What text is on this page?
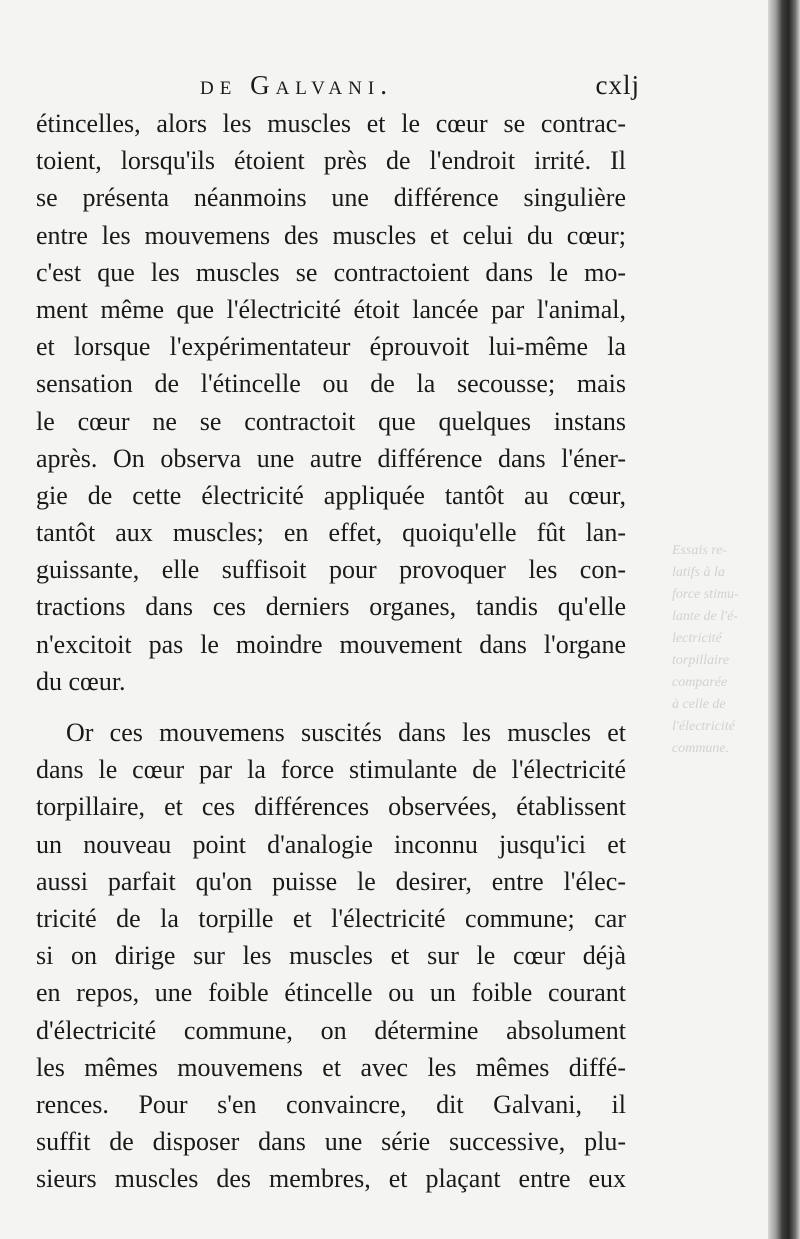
de Galvani.	cxlj
étincelles, alors les muscles et le cœur se contrac-
toient, lorsqu'ils étoient près de l'endroit irrité. Il
se présenta néanmoins une différence singulière
entre les mouvemens des muscles et celui du cœur;
c'est que les muscles se contractoient dans le mo-
ment même que l'électricité étoit lancée par l'animal,
et lorsque l'expérimentateur éprouvoit lui-même la
sensation de l'étincelle ou de la secousse; mais
le cœur ne se contractoit que quelques instans
après. On observa une autre différence dans l'éner-
gie de cette électricité appliquée tantôt au cœur,
tantôt aux muscles; en effet, quoiqu'elle fût lan-
guissante, elle suffisoit pour provoquer les con-
tractions dans ces derniers organes, tandis qu'elle
n'excitoit pas le moindre mouvement dans l'organe
du cœur.
Or ces mouvemens suscités dans les muscles et
dans le cœur par la force stimulante de l'électricité
torpillaire, et ces différences observées, établissent
un nouveau point d'analogie inconnu jusqu'ici et
aussi parfait qu'on puisse le desirer, entre l'élec-
tricité de la torpille et l'électricité commune; car
si on dirige sur les muscles et sur le cœur déjà
en repos, une foible étincelle ou un foible courant
d'électricité commune, on détermine absolument
les mêmes mouvemens et avec les mêmes diffé-
rences. Pour s'en convaincre, dit Galvani, il
suffit de disposer dans une série successive, plu-
sieurs muscles des membres, et plaçant entre eux
Essais re-
latifs à la
force stimu-
lante de l'é-
lectricité
torpillaire
comparée
à celle de
l'électricité
commune.
